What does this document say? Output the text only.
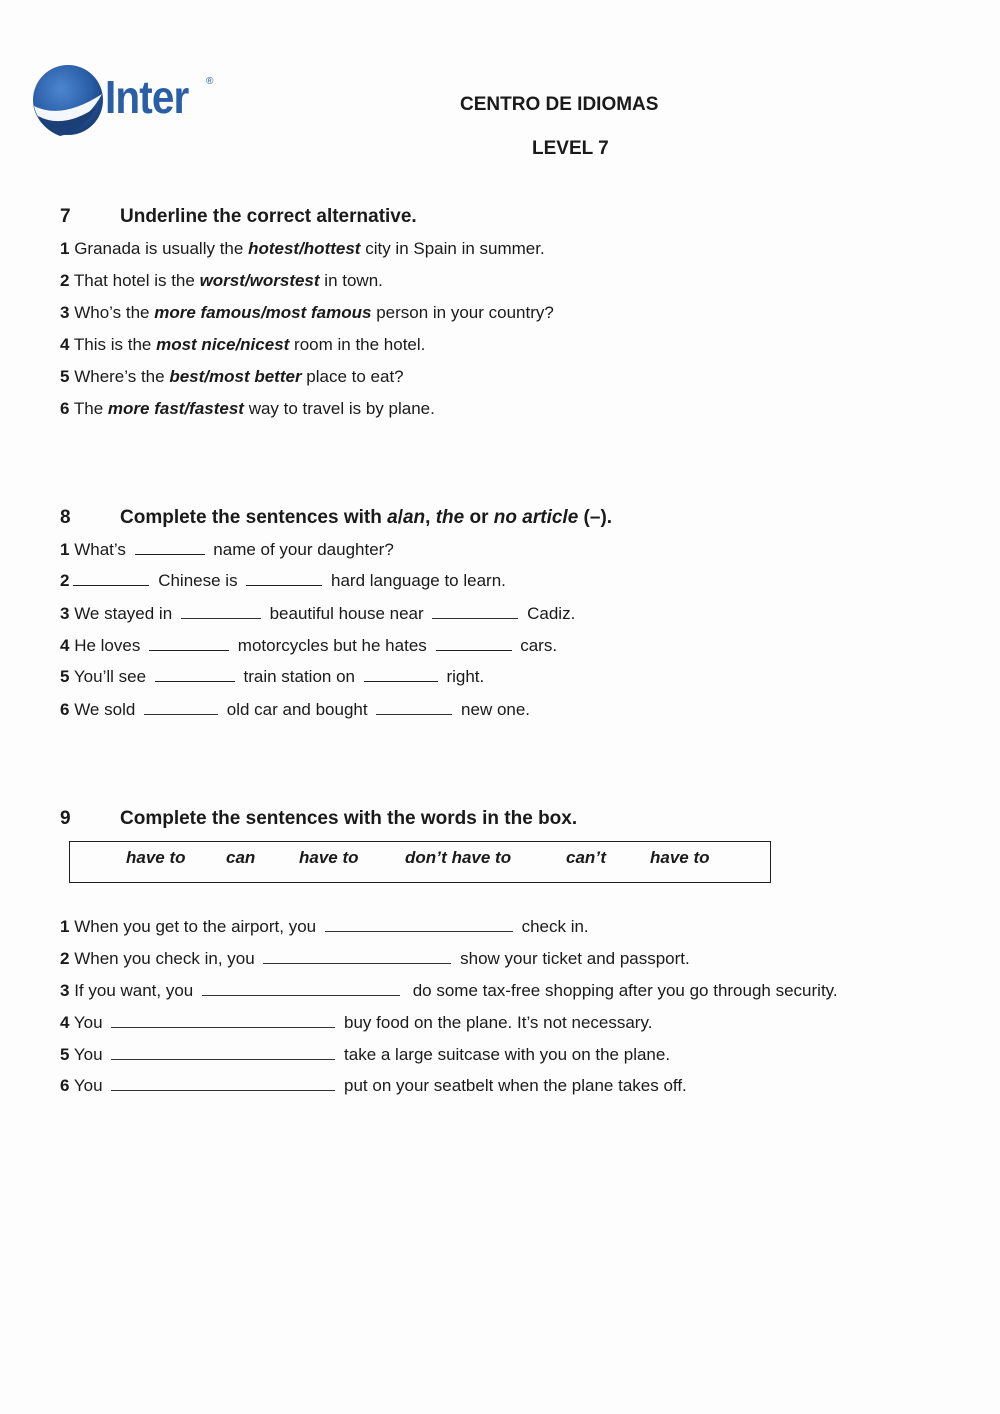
Inter ®
CENTRO DE IDIOMAS
LEVEL 7
7	Underline the correct alternative.
1 Granada is usually the hotest/hottest city in Spain in summer.
2 That hotel is the worst/worstest in town.
3 Who’s the more famous/most famous person in your country?
4 This is the most nice/nicest room in the hotel.
5 Where’s the best/most better place to eat?
6 The more fast/fastest way to travel is by plane.
8	Complete the sentences with a/an, the or no article (–).
1 What’s	name of your daughter?
2	Chinese is	hard language to learn.
3 We stayed in	beautiful house near	Cadiz.
4 He loves	motorcycles but he hates	cars.
5 You’ll see	train station on	right.
6 We sold	old car and bought	new one.
9	Complete the sentences with the words in the box.
have to can	have to	don’t have to	can’t	have to
1 When you get to the airport, you	check in.
2 When you check in, you	show your ticket and passport.
3 If you want, you	do some tax-free shopping after you go through security.
4 You	buy food on the plane. It’s not necessary.
5 You	take a large suitcase with you on the plane.
6 You	put on your seatbelt when the plane takes off.
